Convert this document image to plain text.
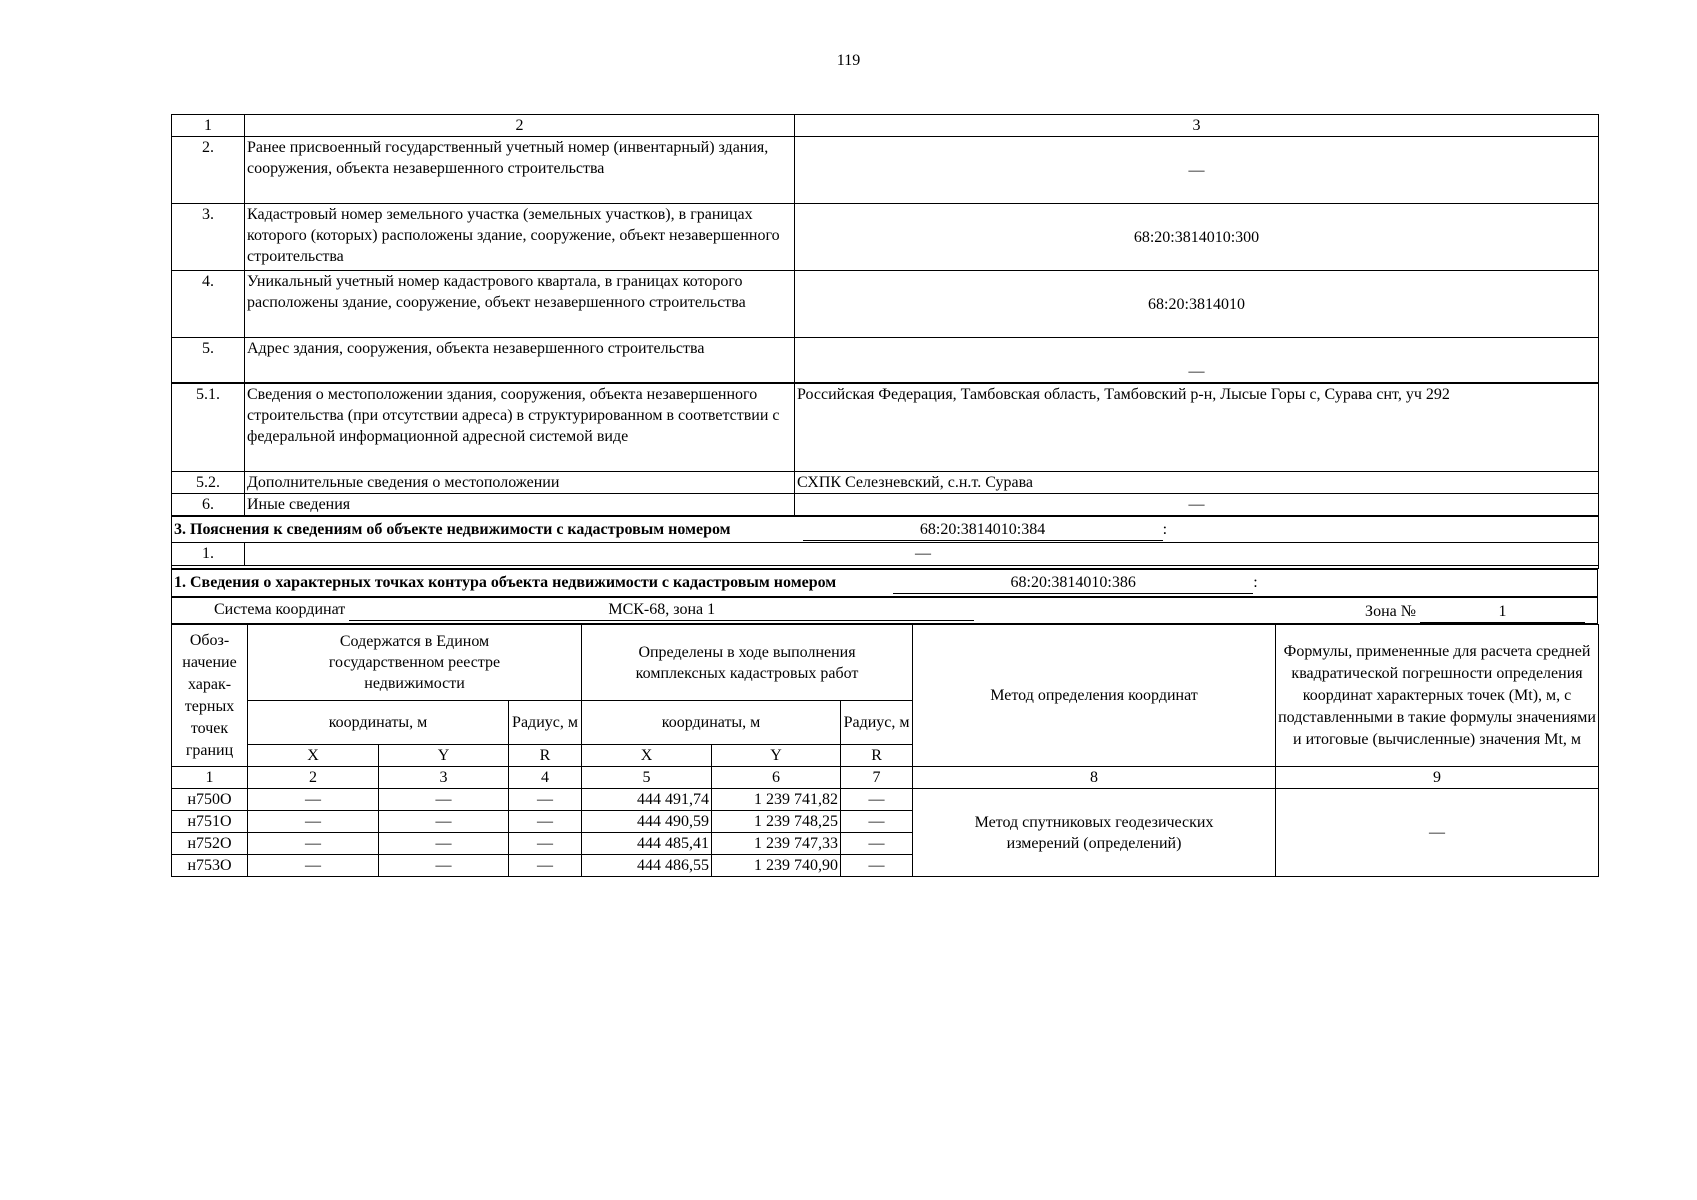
119
1	2	3
2.	Ранее присвоенный государственный учетный номер (инвентарный) здания, сооружения, объекта незавершенного строительства	—
3.	Кадастровый номер земельного участка (земельных участков), в границах которого (которых) расположены здание, сооружение, объект незавершенного строительства	68:20:3814010:300
4.	Уникальный учетный номер кадастрового квартала, в границах которого расположены здание, сооружение, объект незавершенного строительства	68:20:3814010
5.	Адрес здания, сооружения, объекта незавершенного строительства	—
5.1.	Сведения о местоположении здания, сооружения, объекта незавершенного строительства (при отсутствии адреса) в структурированном в соответствии с федеральной информационной адресной системой виде	Российская Федерация, Тамбовская область, Тамбовский р-н, Лысые Горы с, Сурава снт, уч 292
5.2.	Дополнительные сведения о местоположении	СХПК Селезневский, с.н.т. Сурава
6.	Иные сведения	—
3. Пояснения к сведениям об объекте недвижимости с кадастровым номером	68:20:3814010:384	:
1.	—

1. Сведения о характерных точках контура объекта недвижимости с кадастровым номером	68:20:3814010:386	:
Система координат	МСК-68, зона 1	Зона №	1
Обоз-начение харак-терных точек границ	Содержатся в Едином государственном реестре недвижимости			Определены в ходе выполнения комплексных кадастровых работ			Метод определения координат	Формулы, примененные для расчета средней квадратической погрешности определения координат характерных точек (Mt), м, с подставленными в такие формулы значениями и итоговые (вычисленные) значения Mt, м
	координаты, м		Радиус, м	координаты, м		Радиус, м		
	X	Y	R	X	Y	R		
1	2	3	4	5	6	7	8	9
н750О	—	—	—	444 491,74	1 239 741,82	—	Метод спутниковых геодезических измерений (определений)	—
н751О	—	—	—	444 490,59	1 239 748,25	—		
н752О	—	—	—	444 485,41	1 239 747,33	—		
н753О	—	—	—	444 486,55	1 239 740,90	—		
